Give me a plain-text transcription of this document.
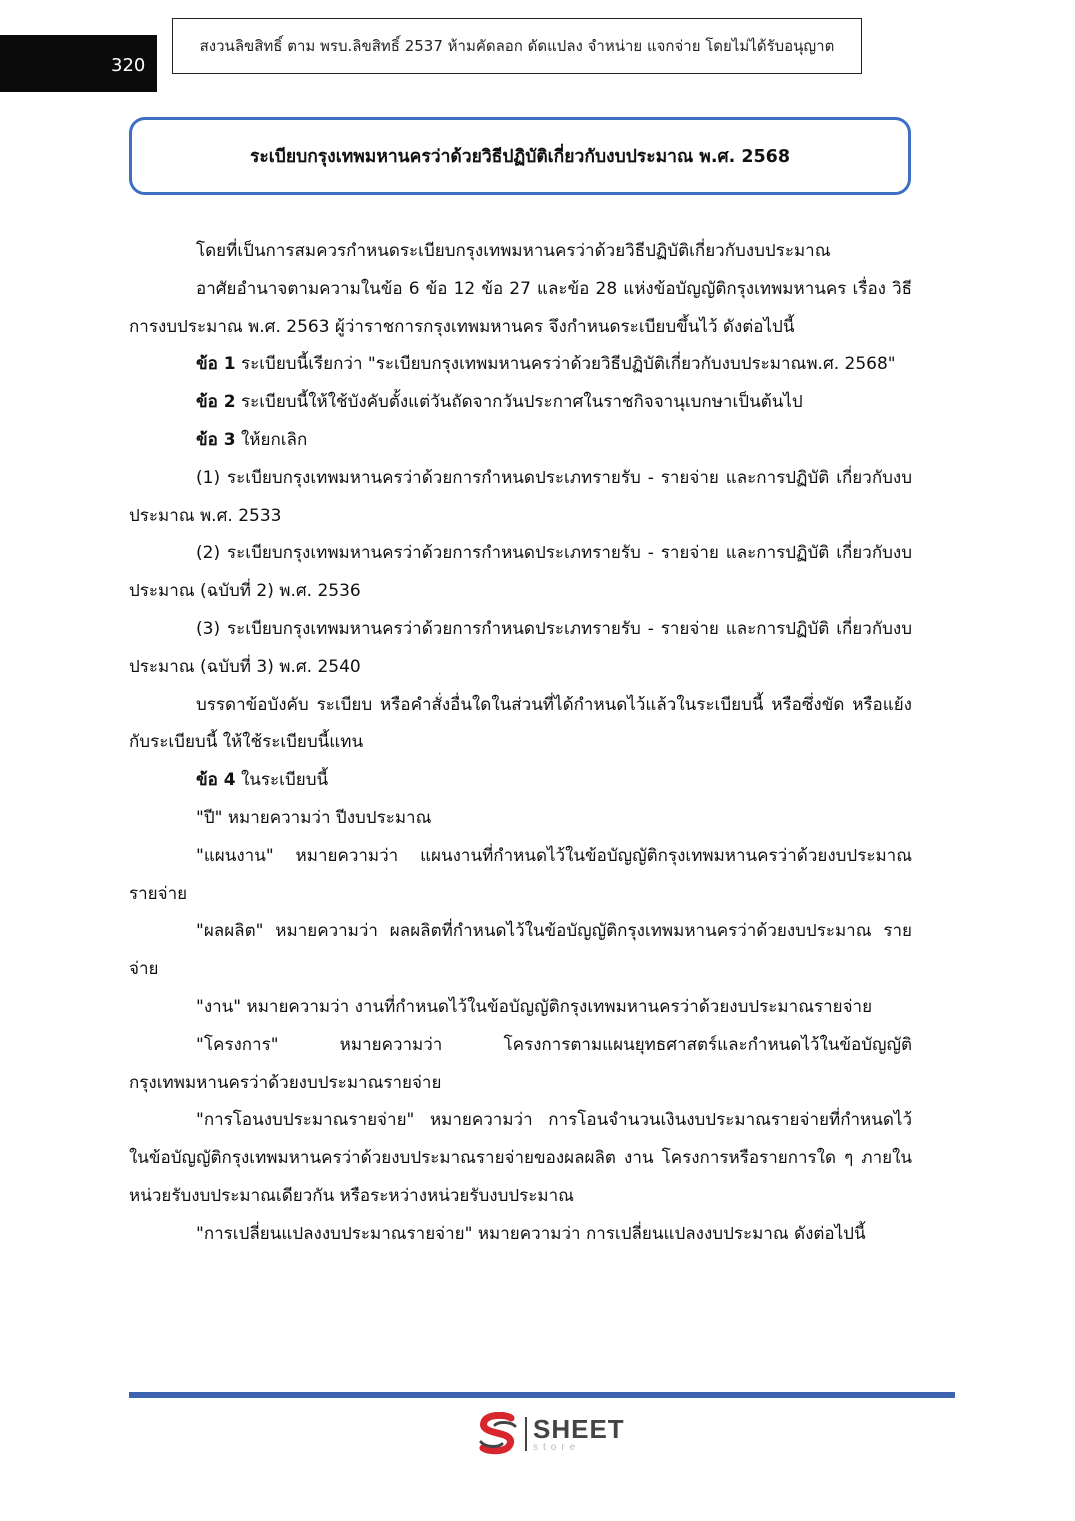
320
สงวนลิขสิทธิ์ ตาม พรบ.ลิขสิทธิ์ 2537 ห้ามคัดลอก ดัดแปลง จำหน่าย แจกจ่าย โดยไม่ได้รับอนุญาต
ระเบียบกรุงเทพมหานครว่าด้วยวิธีปฏิบัติเกี่ยวกับงบประมาณ พ.ศ. 2568

โดยที่เป็นการสมควรกำหนดระเบียบกรุงเทพมหานครว่าด้วยวิธีปฏิบัติเกี่ยวกับงบประมาณ

อาศัยอำนาจตามความในข้อ 6 ข้อ 12 ข้อ 27 และข้อ 28 แห่งข้อบัญญัติกรุงเทพมหานคร เรื่อง วิธีการงบประมาณ พ.ศ. 2563 ผู้ว่าราชการกรุงเทพมหานคร จึงกำหนดระเบียบขึ้นไว้ ดังต่อไปนี้

ข้อ 1 ระเบียบนี้เรียกว่า "ระเบียบกรุงเทพมหานครว่าด้วยวิธีปฏิบัติเกี่ยวกับงบประมาณพ.ศ. 2568"

ข้อ 2 ระเบียบนี้ให้ใช้บังคับตั้งแต่วันถัดจากวันประกาศในราชกิจจานุเบกษาเป็นต้นไป

ข้อ 3 ให้ยกเลิก

(1) ระเบียบกรุงเทพมหานครว่าด้วยการกำหนดประเภทรายรับ - รายจ่าย และการปฏิบัติ เกี่ยวกับงบประมาณ พ.ศ. 2533

(2) ระเบียบกรุงเทพมหานครว่าด้วยการกำหนดประเภทรายรับ - รายจ่าย และการปฏิบัติ เกี่ยวกับงบประมาณ (ฉบับที่ 2) พ.ศ. 2536

(3) ระเบียบกรุงเทพมหานครว่าด้วยการกำหนดประเภทรายรับ - รายจ่าย และการปฏิบัติ เกี่ยวกับงบประมาณ (ฉบับที่ 3) พ.ศ. 2540

บรรดาข้อบังคับ ระเบียบ หรือคำสั่งอื่นใดในส่วนที่ได้กำหนดไว้แล้วในระเบียบนี้ หรือซึ่งขัด หรือแย้งกับระเบียบนี้ ให้ใช้ระเบียบนี้แทน

ข้อ 4 ในระเบียบนี้

"ปี" หมายความว่า ปีงบประมาณ

"แผนงาน" หมายความว่า แผนงานที่กำหนดไว้ในข้อบัญญัติกรุงเทพมหานครว่าด้วยงบประมาณ รายจ่าย

"ผลผลิต" หมายความว่า ผลผลิตที่กำหนดไว้ในข้อบัญญัติกรุงเทพมหานครว่าด้วยงบประมาณ รายจ่าย

"งาน" หมายความว่า งานที่กำหนดไว้ในข้อบัญญัติกรุงเทพมหานครว่าด้วยงบประมาณรายจ่าย

"โครงการ" หมายความว่า โครงการตามแผนยุทธศาสตร์และกำหนดไว้ในข้อบัญญัติ กรุงเทพมหานครว่าด้วยงบประมาณรายจ่าย

"การโอนงบประมาณรายจ่าย" หมายความว่า การโอนจำนวนเงินงบประมาณรายจ่ายที่กำหนดไว้ ในข้อบัญญัติกรุงเทพมหานครว่าด้วยงบประมาณรายจ่ายของผลผลิต งาน โครงการหรือรายการใด ๆ ภายในหน่วยรับงบประมาณเดียวกัน หรือระหว่างหน่วยรับงบประมาณ

"การเปลี่ยนแปลงงบประมาณรายจ่าย" หมายความว่า การเปลี่ยนแปลงงบประมาณ ดังต่อไปนี้

SHEET
store
